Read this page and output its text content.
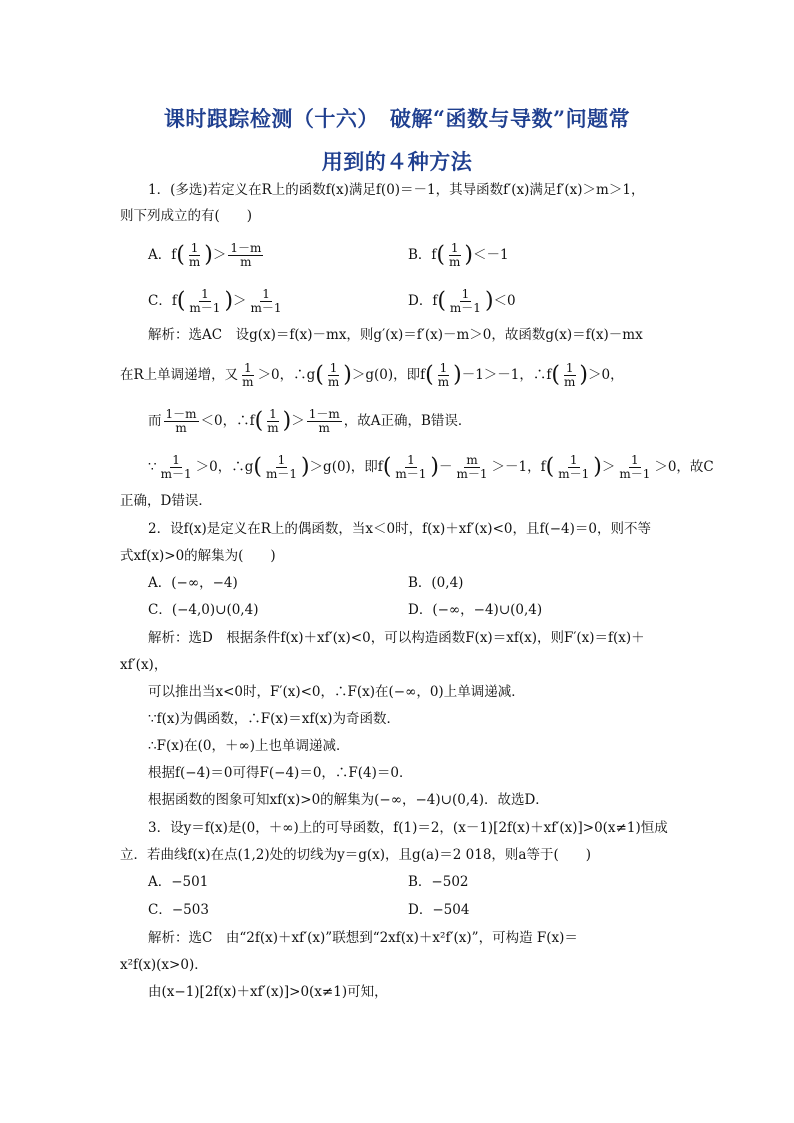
课时跟踪检测（十六）　破解“函数与导数”问题常
用到的４种方法
1．(多选)若定义在R上的函数f(x)满足f(0)＝－1，其导函数f′(x)满足f′(x)＞m＞1，
则下列成立的有(　　)
A．$f( \frac{1}{m}$ )＞ $\frac{1-m}{m}$	B．$f( \frac{1}{m} )<-1$
C．$f( \frac{1}{m-1}$ )＞ $\frac{1}{m-1}$	D．$f( \frac{1}{m-1} )<0$
解析：选AC　设g(x)＝f(x)－mx，则g′(x)＝f′(x)－m＞0，故函数g(x)＝f(x)－mx
在R上单调递增，又 $\frac{1}{m} >0$，∴g( $\frac{1}{m} )>g(0)$，即$f( \frac{1}{m} )-1>-1$，∴f( $\frac{1}{m} )>0$，
而 $\frac{1-m}{m} <0$，∴f( $\frac{1}{m}$ )＞ $\frac{1-m}{m}$ ，故A正确，B错误．
∵ $\frac{1}{m-1} >0$，∴g( $\frac{1}{m-1} )>g(0)$，即$f( \frac{1}{m-1}$ )－ $\frac{m}{m-1} >-1$，$f( \frac{1}{m-1}$ )＞ $\frac{1}{m-1} >0$，故C
正确，D错误．
2．设f(x)是定义在R上的偶函数，当x＜0时，f(x)＋xf′(x)<0，且f(−4)＝0，则不等
式xf(x)>0的解集为(　　)
A．(−∞，−4)	B．(0,4)
C．(−4,0)∪(0,4)	D．(−∞，−4)∪(0,4)
解析：选D　根据条件f(x)＋xf′(x)<0，可以构造函数F(x)＝xf(x)，则F′(x)＝f(x)＋
xf′(x)，
可以推出当x<0时，F′(x)<0，∴F(x)在(−∞，0)上单调递减．
∵f(x)为偶函数，∴F(x)＝xf(x)为奇函数．
∴F(x)在(0，＋∞)上也单调递减．
根据f(−4)＝0可得F(−4)＝0，∴F(4)＝0．
根据函数的图象可知xf(x)>0的解集为(−∞，−4)∪(0,4)．故选D．
3．设y＝f(x)是(0，＋∞)上的可导函数，f(1)＝2，(x－1)[2f(x)＋xf′(x)]>0(x≠1)恒成
立．若曲线f(x)在点(1,2)处的切线为y＝g(x)，且g(a)＝2 018，则a等于(　　)
A．−501	B．−502
C．−503	D．−504
解析：选C　由“2f(x)＋xf′(x)”联想到“2xf(x)＋x²f′(x)”，可构造 F(x)＝
x²f(x)(x>0)．
由(x−1)[2f(x)＋xf′(x)]>0(x≠1)可知，
